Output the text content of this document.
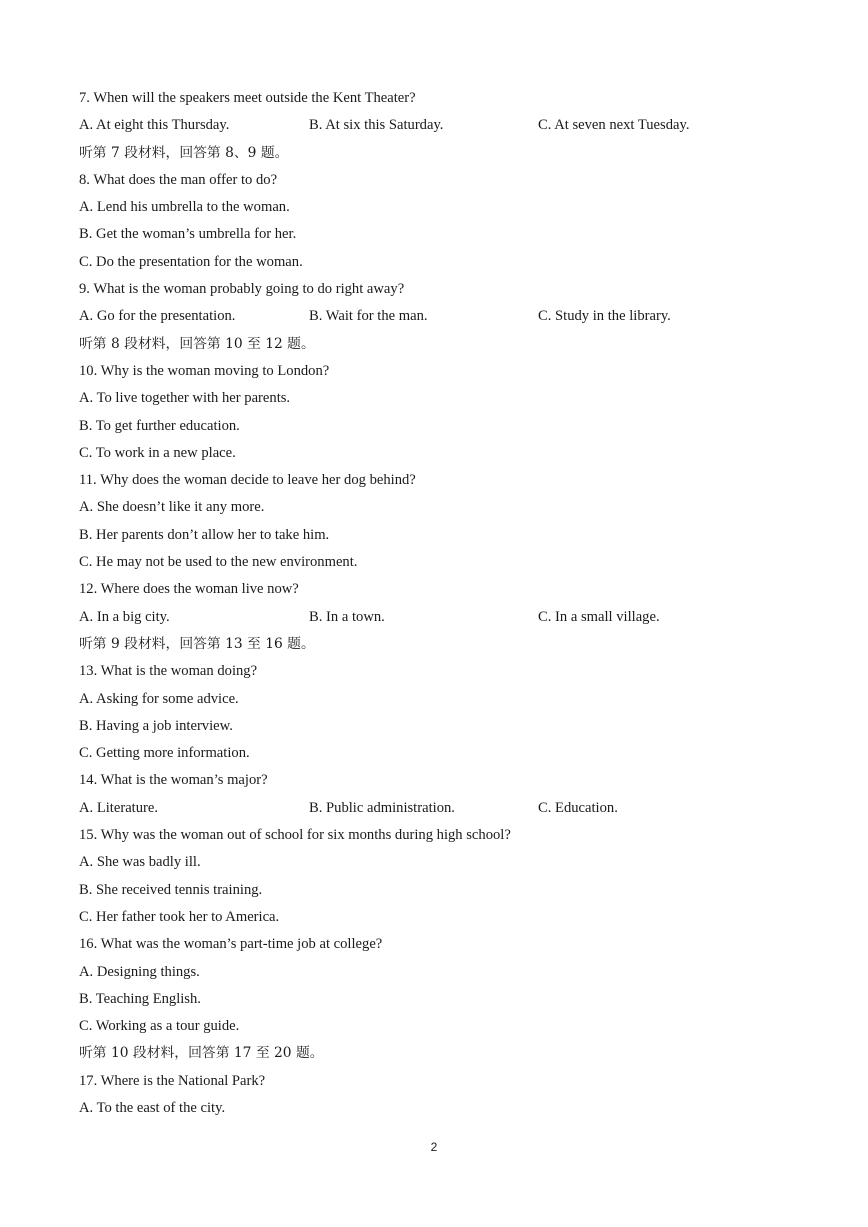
7. When will the speakers meet outside the Kent Theater?
A. At eight this Thursday.	B. At six this Saturday.	C. At seven next Tuesday.
听第 7 段材料，回答第 8、9 题。
8. What does the man offer to do?
A. Lend his umbrella to the woman.
B. Get the woman’s umbrella for her.
C. Do the presentation for the woman.
9. What is the woman probably going to do right away?
A. Go for the presentation.	B. Wait for the man.	C. Study in the library.
听第 8 段材料，回答第 10 至 12 题。
10. Why is the woman moving to London?
A. To live together with her parents.
B. To get further education.
C. To work in a new place.
11. Why does the woman decide to leave her dog behind?
A. She doesn’t like it any more.
B. Her parents don’t allow her to take him.
C. He may not be used to the new environment.
12. Where does the woman live now?
A. In a big city.	B. In a town.	C. In a small village.
听第 9 段材料，回答第 13 至 16 题。
13. What is the woman doing?
A. Asking for some advice.
B. Having a job interview.
C. Getting more information.
14. What is the woman’s major?
A. Literature.	B. Public administration.	C. Education.
15. Why was the woman out of school for six months during high school?
A. She was badly ill.
B. She received tennis training.
C. Her father took her to America.
16. What was the woman’s part-time job at college?
A. Designing things.
B. Teaching English.
C. Working as a tour guide.
听第 10 段材料，回答第 17 至 20 题。
17. Where is the National Park?
A. To the east of the city.
2
